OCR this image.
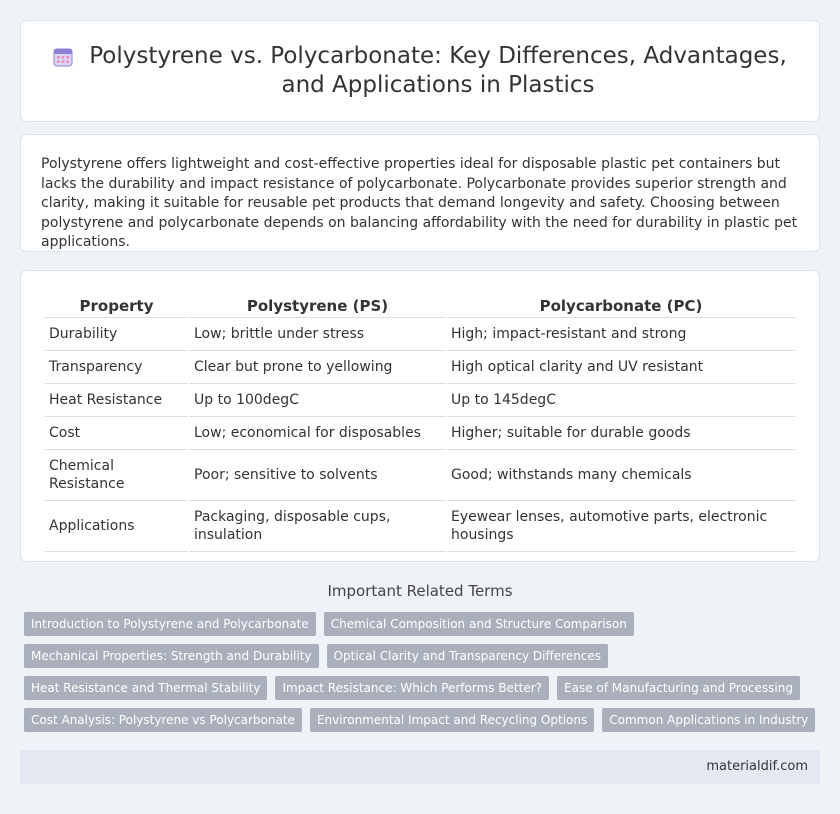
Polystyrene vs. Polycarbonate: Key Differences, Advantages, and Applications in Plastics

Polystyrene offers lightweight and cost-effective properties ideal for disposable plastic pet containers but lacks the durability and impact resistance of polycarbonate. Polycarbonate provides superior strength and clarity, making it suitable for reusable pet products that demand longevity and safety. Choosing between polystyrene and polycarbonate depends on balancing affordability with the need for durability in plastic pet applications.

Property	Polystyrene (PS)	Polycarbonate (PC)
Durability	Low; brittle under stress	High; impact-resistant and strong
Transparency	Clear but prone to yellowing	High optical clarity and UV resistant
Heat Resistance	Up to 100degC	Up to 145degC
Cost	Low; economical for disposables	Higher; suitable for durable goods
Chemical Resistance	Poor; sensitive to solvents	Good; withstands many chemicals
Applications	Packaging, disposable cups, insulation	Eyewear lenses, automotive parts, electronic housings
Important Related Terms
Introduction to Polystyrene and Polycarbonate	Chemical Composition and Structure Comparison
Mechanical Properties: Strength and Durability	Optical Clarity and Transparency Differences
Heat Resistance and Thermal Stability	Impact Resistance: Which Performs Better?	Ease of Manufacturing and Processing
Cost Analysis: Polystyrene vs Polycarbonate	Environmental Impact and Recycling Options	Common Applications in Industry
materialdif.com
